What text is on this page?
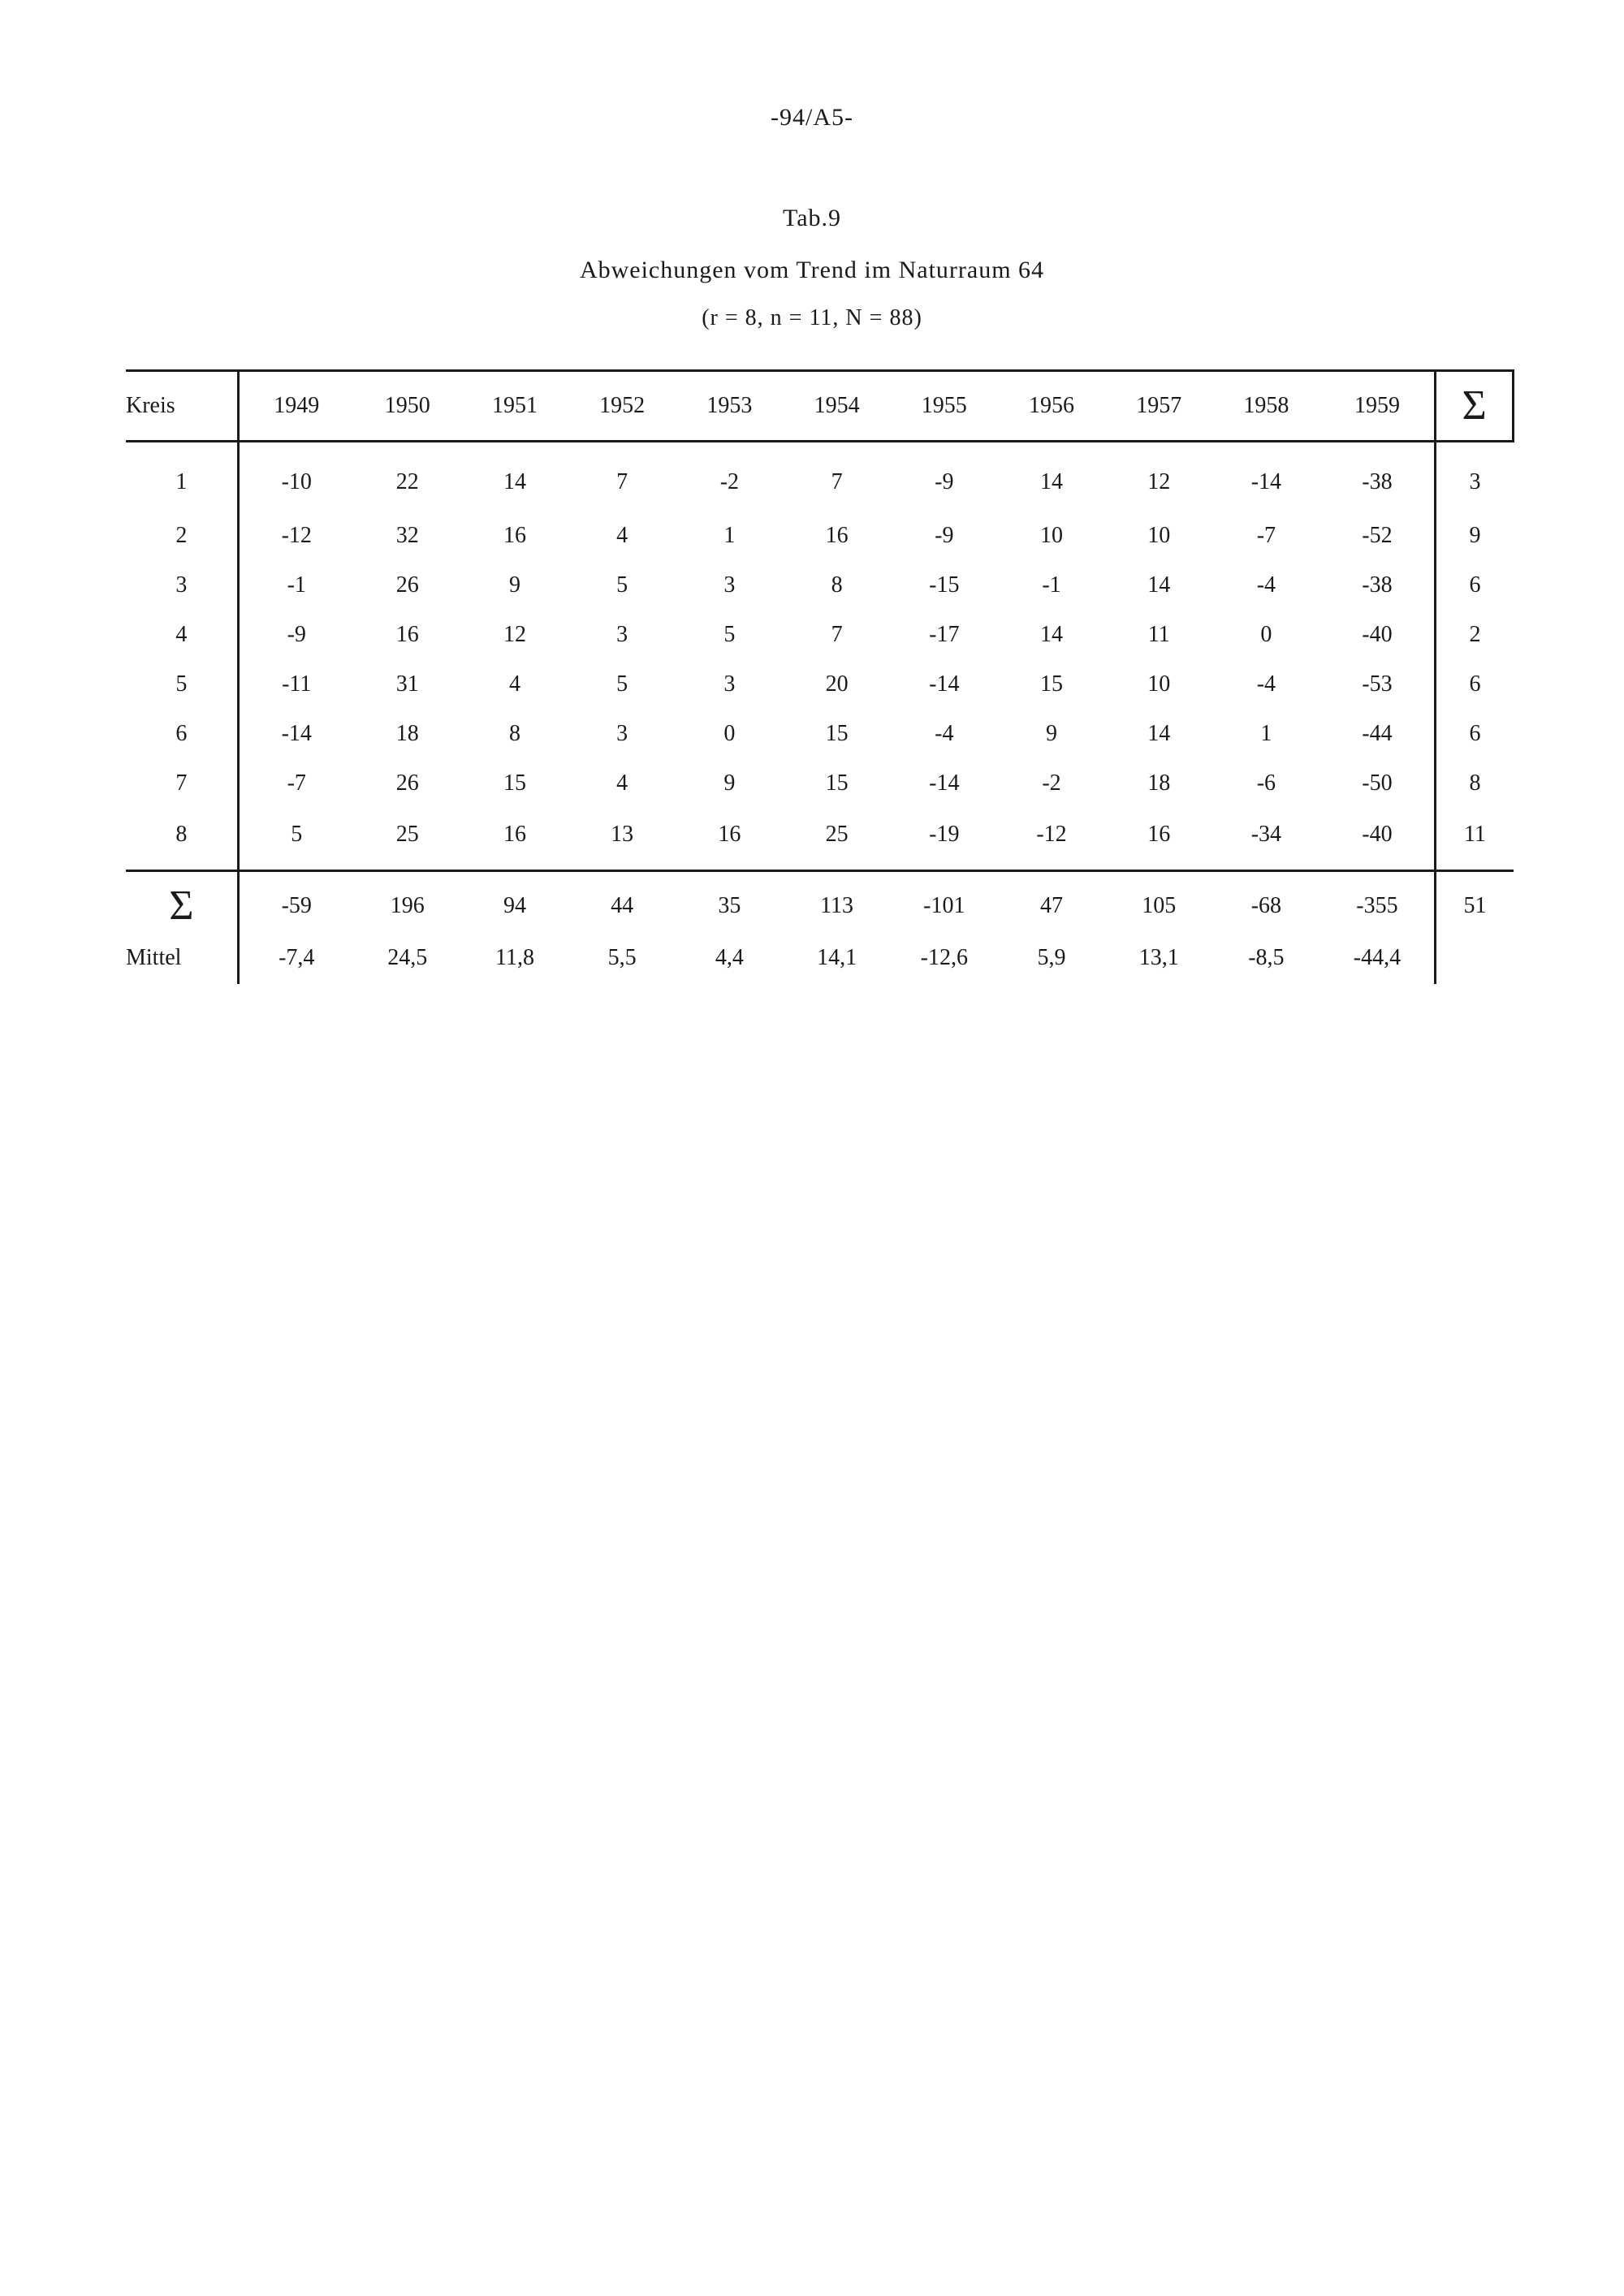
-94/A5-
Tab.9
Abweichungen vom Trend im Naturraum 64
(r = 8, n = 11, N = 88)
Kreis	1949	1950	1951	1952	1953	1954	1955	1956	1957	1958	1959	Σ
1	-10	22	14	7	-2	7	-9	14	12	-14	-38	3
2	-12	32	16	4	1	16	-9	10	10	-7	-52	9
3	-1	26	9	5	3	8	-15	-1	14	-4	-38	6
4	-9	16	12	3	5	7	-17	14	11	0	-40	2
5	-11	31	4	5	3	20	-14	15	10	-4	-53	6
6	-14	18	8	3	0	15	-4	9	14	1	-44	6
7	-7	26	15	4	9	15	-14	-2	18	-6	-50	8
8	5	25	16	13	16	25	-19	-12	16	-34	-40	11
Σ	-59	196	94	44	35	113	-101	47	105	-68	-355	51
Mittel	-7,4	24,5	11,8	5,5	4,4	14,1	-12,6	5,9	13,1	-8,5	-44,4	
